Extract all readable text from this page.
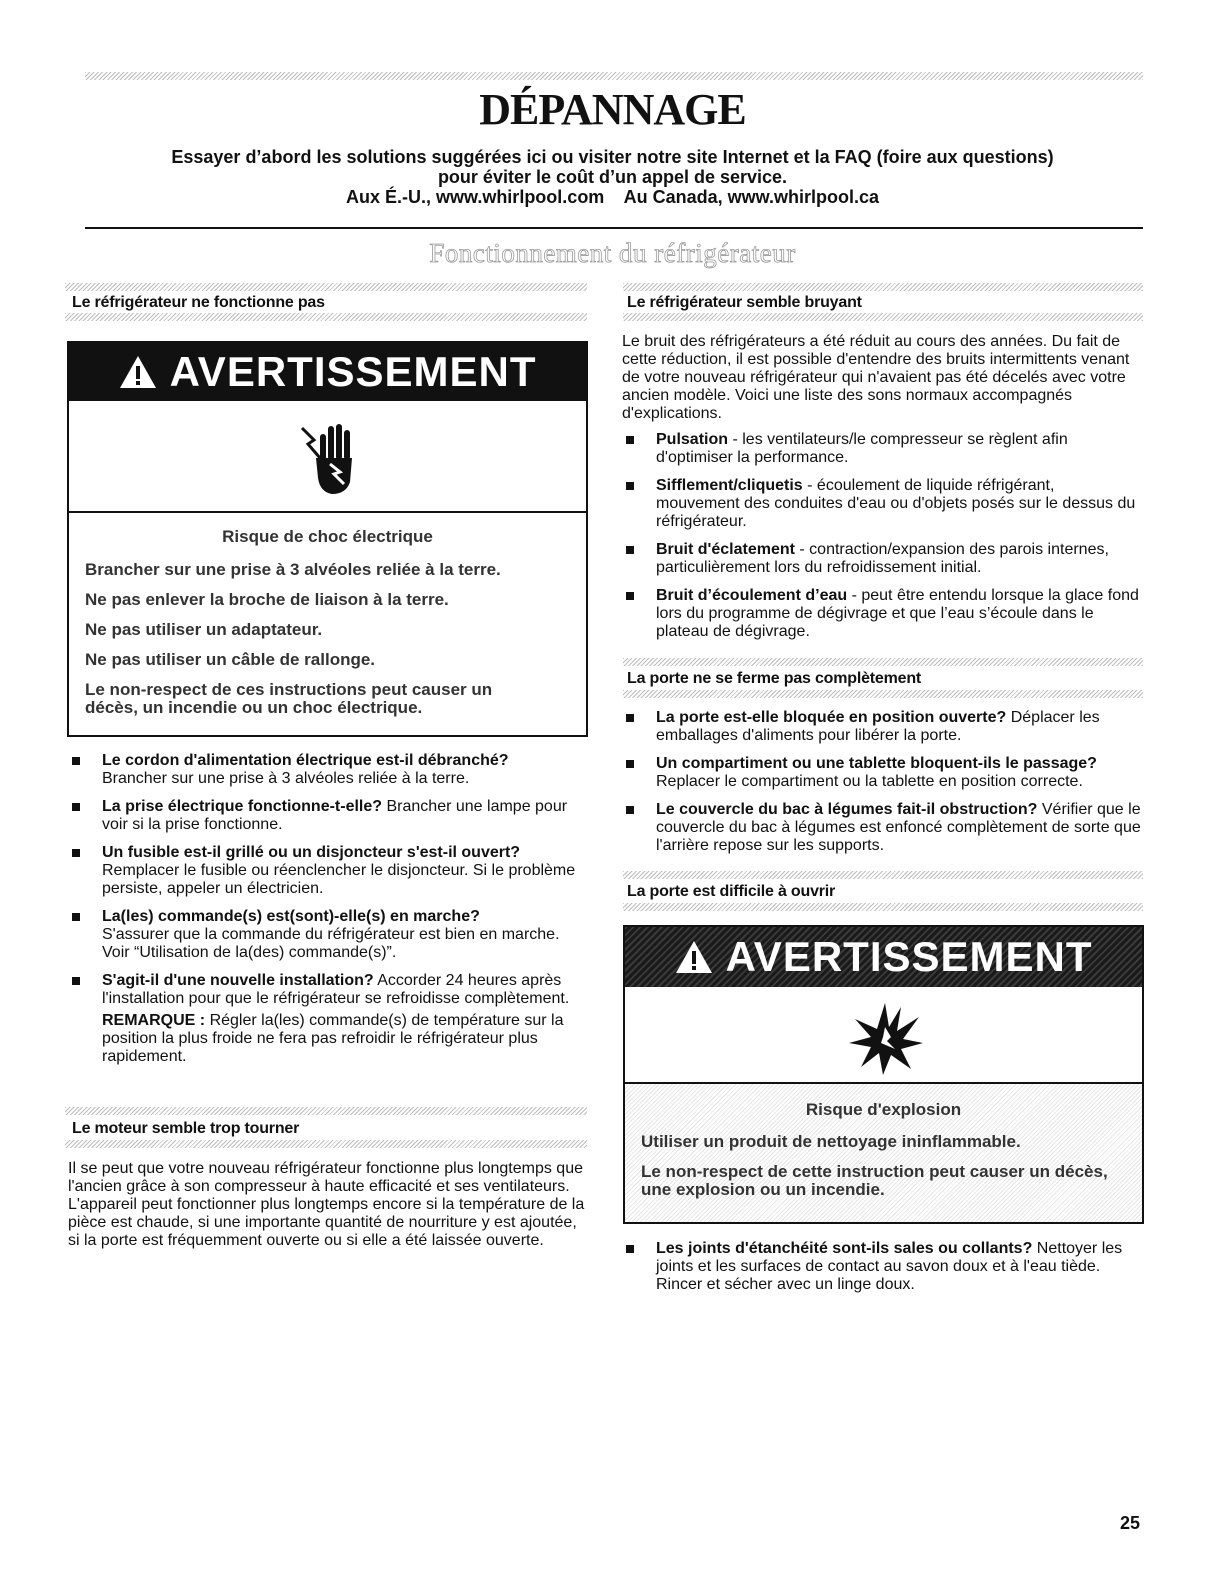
DÉPANNAGE
Essayer d’abord les solutions suggérées ici ou visiter notre site Internet et la FAQ (foire aux questions)
pour éviter le coût d’un appel de service.
Aux É.-U., www.whirlpool.com    Au Canada, www.whirlpool.ca
Fonctionnement du réfrigérateur
Le réfrigérateur ne fonctionne pas
AVERTISSEMENT
Risque de choc électrique

Brancher sur une prise à 3 alvéoles reliée à la terre.

Ne pas enlever la broche de liaison à la terre.

Ne pas utiliser un adaptateur.

Ne pas utiliser un câble de rallonge.

Le non-respect de ces instructions peut causer un décès, un incendie ou un choc électrique.

Le cordon d'alimentation électrique est-il débranché?
Brancher sur une prise à 3 alvéoles reliée à la terre.
La prise électrique fonctionne-t-elle? Brancher une lampe pour voir si la prise fonctionne.
Un fusible est-il grillé ou un disjoncteur s'est-il ouvert?
Remplacer le fusible ou réenclencher le disjoncteur. Si le problème persiste, appeler un électricien.
La(les) commande(s) est(sont)-elle(s) en marche?
S'assurer que la commande du réfrigérateur est bien en marche. Voir “Utilisation de la(des) commande(s)”.
S'agit-il d'une nouvelle installation? Accorder 24 heures après l'installation pour que le réfrigérateur se refroidisse complètement.
REMARQUE : Régler la(les) commande(s) de température sur la position la plus froide ne fera pas refroidir le réfrigérateur plus rapidement.
Le moteur semble trop tourner
Il se peut que votre nouveau réfrigérateur fonctionne plus longtemps que l'ancien grâce à son compresseur à haute efficacité et ses ventilateurs. L'appareil peut fonctionner plus longtemps encore si la température de la pièce est chaude, si une importante quantité de nourriture y est ajoutée, si la porte est fréquemment ouverte ou si elle a été laissée ouverte.
Le réfrigérateur semble bruyant

Le bruit des réfrigérateurs a été réduit au cours des années. Du fait de cette réduction, il est possible d'entendre des bruits intermittents venant de votre nouveau réfrigérateur qui n'avaient pas été décelés avec votre ancien modèle. Voici une liste des sons normaux accompagnés d'explications.

Pulsation - les ventilateurs/le compresseur se règlent afin d'optimiser la performance.
Sifflement/cliquetis - écoulement de liquide réfrigérant, mouvement des conduites d'eau ou d'objets posés sur le dessus du réfrigérateur.
Bruit d'éclatement - contraction/expansion des parois internes, particulièrement lors du refroidissement initial.
Bruit d’écoulement d’eau - peut être entendu lorsque la glace fond lors du programme de dégivrage et que l’eau s’écoule dans le plateau de dégivrage.
La porte ne se ferme pas complètement
La porte est-elle bloquée en position ouverte? Déplacer les emballages d'aliments pour libérer la porte.
Un compartiment ou une tablette bloquent-ils le passage? Replacer le compartiment ou la tablette en position correcte.
Le couvercle du bac à légumes fait-il obstruction? Vérifier que le couvercle du bac à légumes est enfoncé complètement de sorte que l'arrière repose sur les supports.
La porte est difficile à ouvrir
AVERTISSEMENT
Risque d'explosion

Utiliser un produit de nettoyage ininflammable.

Le non-respect de cette instruction peut causer un décès, une explosion ou un incendie.

Les joints d'étanchéité sont-ils sales ou collants? Nettoyer les joints et les surfaces de contact au savon doux et à l'eau tiède. Rincer et sécher avec un linge doux.
25
